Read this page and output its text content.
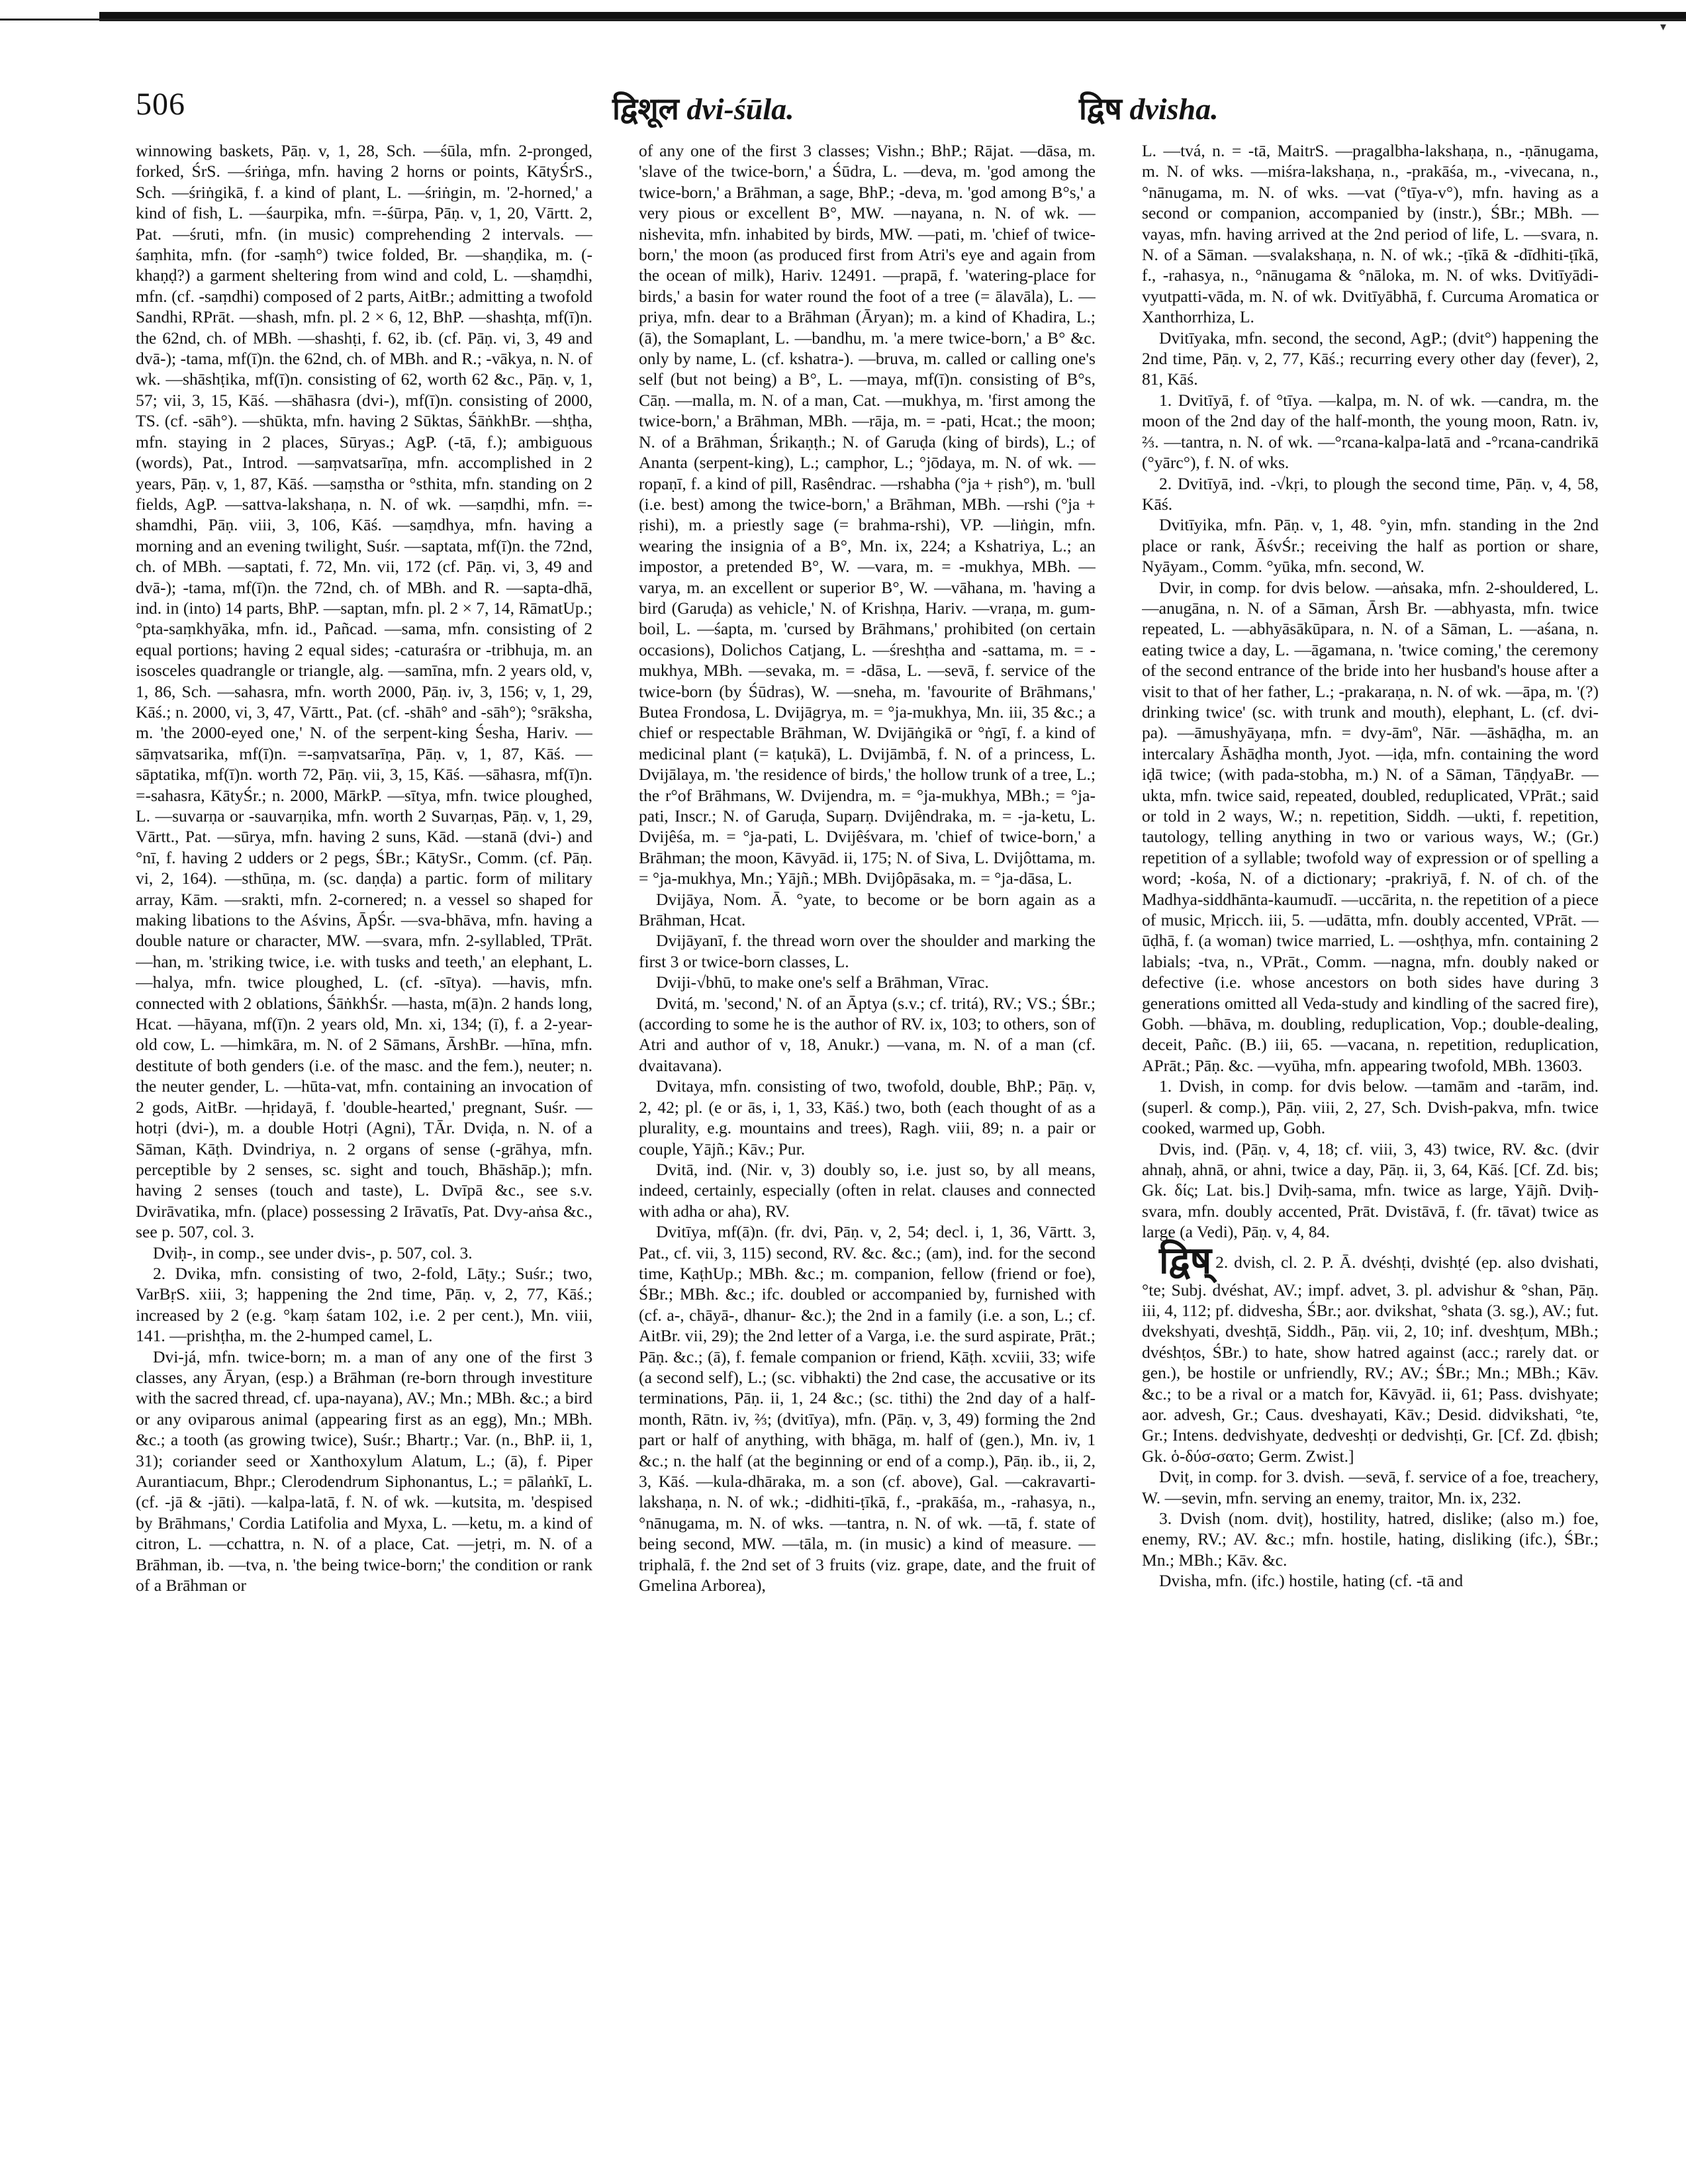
▾
506	द्विशूल dvi-śūla.	द्विष dvisha.

winnowing baskets, Pāṇ. v, 1, 28, Sch. —śūla, mfn. 2-pronged, forked, ŚrS. —śriṅga, mfn. having 2 horns or points, KātyŚrS., Sch. —śriṅgikā, f. a kind of plant, L. —śriṅgin, m. '2-horned,' a kind of fish, L. —śaurpika, mfn. =-śūrpa, Pāṇ. v, 1, 20, Vārtt. 2, Pat. —śruti, mfn. (in music) comprehending 2 intervals. —śaṃhita, mfn. (for -saṃh°) twice folded, Br. —shaṇḍika, m. (-khaṇḍ?) a garment sheltering from wind and cold, L. —shaṃdhi, mfn. (cf. -saṃdhi) composed of 2 parts, AitBr.; admitting a twofold Sandhi, RPrāt. —shash, mfn. pl. 2 × 6, 12, BhP. —shashṭa, mf(ī)n. the 62nd, ch. of MBh. —shashṭi, f. 62, ib. (cf. Pāṇ. vi, 3, 49 and dvā-); -tama, mf(ī)n. the 62nd, ch. of MBh. and R.; -vākya, n. N. of wk. —shāshṭika, mf(ī)n. consisting of 62, worth 62 &c., Pāṇ. v, 1, 57; vii, 3, 15, Kāś. —shāhasra (dvi-), mf(ī)n. consisting of 2000, TS. (cf. -sāh°). —shūkta, mfn. having 2 Sūktas, ŚāṅkhBr. —shṭha, mfn. staying in 2 places, Sūryas.; AgP. (-tā, f.); ambiguous (words), Pat., Introd. —saṃvatsarīṇa, mfn. accomplished in 2 years, Pāṇ. v, 1, 87, Kāś. —saṃstha or °sthita, mfn. standing on 2 fields, AgP. —sattva-lakshaṇa, n. N. of wk. —saṃdhi, mfn. =-shamdhi, Pāṇ. viii, 3, 106, Kāś. —saṃdhya, mfn. having a morning and an evening twilight, Suśr. —saptata, mf(ī)n. the 72nd, ch. of MBh. —saptati, f. 72, Mn. vii, 172 (cf. Pāṇ. vi, 3, 49 and dvā-); -tama, mf(ī)n. the 72nd, ch. of MBh. and R. —sapta-dhā, ind. in (into) 14 parts, BhP. —saptan, mfn. pl. 2 × 7, 14, RāmatUp.; °pta-saṃkhyāka, mfn. id., Pañcad. —sama, mfn. consisting of 2 equal portions; having 2 equal sides; -caturaśra or -tribhuja, m. an isosceles quadrangle or triangle, alg. —samīna, mfn. 2 years old, v, 1, 86, Sch. —sahasra, mfn. worth 2000, Pāṇ. iv, 3, 156; v, 1, 29, Kāś.; n. 2000, vi, 3, 47, Vārtt., Pat. (cf. -shāh° and -sāh°); °srāksha, m. 'the 2000-eyed one,' N. of the serpent-king Śesha, Hariv. —sāṃvatsarika, mf(ī)n. =-saṃvatsarīṇa, Pāṇ. v, 1, 87, Kāś. —sāptatika, mf(ī)n. worth 72, Pāṇ. vii, 3, 15, Kāś. —sāhasra, mf(ī)n. =-sahasra, KātyŚr.; n. 2000, MārkP. —sītya, mfn. twice ploughed, L. —suvarṇa or -sauvarṇika, mfn. worth 2 Suvarṇas, Pāṇ. v, 1, 29, Vārtt., Pat. —sūrya, mfn. having 2 suns, Kād. —stanā (dvi-) and °nī, f. having 2 udders or 2 pegs, ŚBr.; KātySr., Comm. (cf. Pāṇ. vi, 2, 164). —sthūṇa, m. (sc. daṇḍa) a partic. form of military array, Kām. —srakti, mfn. 2-cornered; n. a vessel so shaped for making libations to the Aśvins, ĀpŚr. —sva-bhāva, mfn. having a double nature or character, MW. —svara, mfn. 2-syllabled, TPrāt. —han, m. 'striking twice, i.e. with tusks and teeth,' an elephant, L. —halya, mfn. twice ploughed, L. (cf. -sītya). —havis, mfn. connected with 2 oblations, ŚāṅkhŚr. —hasta, m(ā)n. 2 hands long, Hcat. —hāyana, mf(ī)n. 2 years old, Mn. xi, 134; (ī), f. a 2-year-old cow, L. —himkāra, m. N. of 2 Sāmans, ĀrshBr. —hīna, mfn. destitute of both genders (i.e. of the masc. and the fem.), neuter; n. the neuter gender, L. —hūta-vat, mfn. containing an invocation of 2 gods, AitBr. —hṛidayā, f. 'double-hearted,' pregnant, Suśr. —hotṛi (dvi-), m. a double Hotṛi (Agni), TĀr. Dviḍa, n. N. of a Sāman, Kāṭh. Dvindriya, n. 2 organs of sense (-grāhya, mfn. perceptible by 2 senses, sc. sight and touch, Bhāshāp.); mfn. having 2 senses (touch and taste), L. Dvīpā &c., see s.v. Dvirāvatika, mfn. (place) possessing 2 Irāvatīs, Pat. Dvy-aṅsa &c., see p. 507, col. 3.

Dviḥ-, in comp., see under dvis-, p. 507, col. 3.

2. Dvika, mfn. consisting of two, 2-fold, Lāṭy.; Suśr.; two, VarBṛS. xiii, 3; happening the 2nd time, Pāṇ. v, 2, 77, Kāś.; increased by 2 (e.g. °kaṃ śatam 102, i.e. 2 per cent.), Mn. viii, 141. —prishṭha, m. the 2-humped camel, L.

Dvi-já, mfn. twice-born; m. a man of any one of the first 3 classes, any Āryan, (esp.) a Brāhman (re-born through investiture with the sacred thread, cf. upa-nayana), AV.; Mn.; MBh. &c.; a bird or any oviparous animal (appearing first as an egg), Mn.; MBh. &c.; a tooth (as growing twice), Suśr.; Bhartṛ.; Var. (n., BhP. ii, 1, 31); coriander seed or Xanthoxylum Alatum, L.; (ā), f. Piper Aurantiacum, Bhpr.; Clerodendrum Siphonantus, L.; = pālaṅkī, L. (cf. -jā & -jāti). —kalpa-latā, f. N. of wk. —kutsita, m. 'despised by Brāhmans,' Cordia Latifolia and Myxa, L. —ketu, m. a kind of citron, L. —cchattra, n. N. of a place, Cat. —jetṛi, m. N. of a Brāhman, ib. —tva, n. 'the being twice-born;' the condition or rank of a Brāhman or

of any one of the first 3 classes; Vishn.; BhP.; Rājat. —dāsa, m. 'slave of the twice-born,' a Śūdra, L. —deva, m. 'god among the twice-born,' a Brāhman, a sage, BhP.; -deva, m. 'god among B°s,' a very pious or excellent B°, MW. —nayana, n. N. of wk. —nishevita, mfn. inhabited by birds, MW. —pati, m. 'chief of twice-born,' the moon (as produced first from Atri's eye and again from the ocean of milk), Hariv. 12491. —prapā, f. 'watering-place for birds,' a basin for water round the foot of a tree (= ālavāla), L. —priya, mfn. dear to a Brāhman (Āryan); m. a kind of Khadira, L.; (ā), the Somaplant, L. —bandhu, m. 'a mere twice-born,' a B° &c. only by name, L. (cf. kshatra-). —bruva, m. called or calling one's self (but not being) a B°, L. —maya, mf(ī)n. consisting of B°s, Cāṇ. —malla, m. N. of a man, Cat. —mukhya, m. 'first among the twice-born,' a Brāhman, MBh. —rāja, m. = -pati, Hcat.; the moon; N. of a Brāhman, Śrikaṇṭh.; N. of Garuḍa (king of birds), L.; of Ananta (serpent-king), L.; camphor, L.; °jōdaya, m. N. of wk. —ropaṇī, f. a kind of pill, Rasêndrac. —rshabha (°ja + ṛish°), m. 'bull (i.e. best) among the twice-born,' a Brāhman, MBh. —rshi (°ja + ṛishi), m. a priestly sage (= brahma-rshi), VP. —liṅgin, mfn. wearing the insignia of a B°, Mn. ix, 224; a Kshatriya, L.; an impostor, a pretended B°, W. —vara, m. = -mukhya, MBh. —varya, m. an excellent or superior B°, W. —vāhana, m. 'having a bird (Garuḍa) as vehicle,' N. of Krishṇa, Hariv. —vraṇa, m. gum-boil, L. —śapta, m. 'cursed by Brāhmans,' prohibited (on certain occasions), Dolichos Catjang, L. —śreshṭha and -sattama, m. = -mukhya, MBh. —sevaka, m. = -dāsa, L. —sevā, f. service of the twice-born (by Śūdras), W. —sneha, m. 'favourite of Brāhmans,' Butea Frondosa, L. Dvijāgrya, m. = °ja-mukhya, Mn. iii, 35 &c.; a chief or respectable Brāhman, W. Dvijāṅgikā or °ṅgī, f. a kind of medicinal plant (= kaṭukā), L. Dvijāmbā, f. N. of a princess, L. Dvijālaya, m. 'the residence of birds,' the hollow trunk of a tree, L.; the r°of Brāhmans, W. Dvijendra, m. = °ja-mukhya, MBh.; = °ja-pati, Inscr.; N. of Garuḍa, Suparṇ. Dvijêndraka, m. = -ja-ketu, L. Dvijêśa, m. = °ja-pati, L. Dvijêśvara, m. 'chief of twice-born,' a Brāhman; the moon, Kāvyād. ii, 175; N. of Siva, L. Dvijôttama, m. = °ja-mukhya, Mn.; Yājñ.; MBh. Dvijôpāsaka, m. = °ja-dāsa, L.

Dvijāya, Nom. Ā. °yate, to become or be born again as a Brāhman, Hcat.

Dvijāyanī, f. the thread worn over the shoulder and marking the first 3 or twice-born classes, L.

Dviji-√bhū, to make one's self a Brāhman, Vīrac.

Dvitá, m. 'second,' N. of an Āptya (s.v.; cf. tritá), RV.; VS.; ŚBr.; (according to some he is the author of RV. ix, 103; to others, son of Atri and author of v, 18, Anukr.) —vana, m. N. of a man (cf. dvaitavana).

Dvitaya, mfn. consisting of two, twofold, double, BhP.; Pāṇ. v, 2, 42; pl. (e or ās, i, 1, 33, Kāś.) two, both (each thought of as a plurality, e.g. mountains and trees), Ragh. viii, 89; n. a pair or couple, Yājñ.; Kāv.; Pur.

Dvitā, ind. (Nir. v, 3) doubly so, i.e. just so, by all means, indeed, certainly, especially (often in relat. clauses and connected with adha or aha), RV.

Dvitīya, mf(ā)n. (fr. dvi, Pāṇ. v, 2, 54; decl. i, 1, 36, Vārtt. 3, Pat., cf. vii, 3, 115) second, RV. &c. &c.; (am), ind. for the second time, KaṭhUp.; MBh. &c.; m. companion, fellow (friend or foe), ŚBr.; MBh. &c.; ifc. doubled or accompanied by, furnished with (cf. a-, chāyā-, dhanur- &c.); the 2nd in a family (i.e. a son, L.; cf. AitBr. vii, 29); the 2nd letter of a Varga, i.e. the surd aspirate, Prāt.; Pāṇ. &c.; (ā), f. female companion or friend, Kāṭh. xcviii, 33; wife (a second self), L.; (sc. vibhakti) the 2nd case, the accusative or its terminations, Pāṇ. ii, 1, 24 &c.; (sc. tithi) the 2nd day of a half-month, Rātn. iv, ⅔; (dvitīya), mfn. (Pāṇ. v, 3, 49) forming the 2nd part or half of anything, with bhāga, m. half of (gen.), Mn. iv, 1 &c.; n. the half (at the beginning or end of a comp.), Pāṇ. ib., ii, 2, 3, Kāś. —kula-dhāraka, m. a son (cf. above), Gal. —cakravarti-lakshaṇa, n. N. of wk.; -didhiti-ṭīkā, f., -prakāśa, m., -rahasya, n., °nānugama, m. N. of wks. —tantra, n. N. of wk. —tā, f. state of being second, MW. —tāla, m. (in music) a kind of measure. —triphalā, f. the 2nd set of 3 fruits (viz. grape, date, and the fruit of Gmelina Arborea),

L. —tvá, n. = -tā, MaitrS. —pragalbha-lakshaṇa, n., -ṇānugama, m. N. of wks. —miśra-lakshaṇa, n., -prakāśa, m., -vivecana, n., °nānugama, m. N. of wks. —vat (°tīya-v°), mfn. having as a second or companion, accompanied by (instr.), ŚBr.; MBh. —vayas, mfn. having arrived at the 2nd period of life, L. —svara, n. N. of a Sāman. —svalakshaṇa, n. N. of wk.; -ṭīkā & -dīdhiti-ṭīkā, f., -rahasya, n., °nānugama & °nāloka, m. N. of wks. Dvitīyādi-vyutpatti-vāda, m. N. of wk. Dvitīyābhā, f. Curcuma Aromatica or Xanthorrhiza, L.

Dvitīyaka, mfn. second, the second, AgP.; (dvit°) happening the 2nd time, Pāṇ. v, 2, 77, Kāś.; recurring every other day (fever), 2, 81, Kāś.

1. Dvitīyā, f. of °tīya. —kalpa, m. N. of wk. —candra, m. the moon of the 2nd day of the half-month, the young moon, Ratn. iv, ⅔. —tantra, n. N. of wk. —°rcana-kalpa-latā and -°rcana-candrikā (°yārc°), f. N. of wks.

2. Dvitīyā, ind. -√kṛi, to plough the second time, Pāṇ. v, 4, 58, Kāś.

Dvitīyika, mfn. Pāṇ. v, 1, 48. °yin, mfn. standing in the 2nd place or rank, ĀśvŚr.; receiving the half as portion or share, Nyāyam., Comm. °yūka, mfn. second, W.

Dvir, in comp. for dvis below. —aṅsaka, mfn. 2-shouldered, L. —anugāna, n. N. of a Sāman, Ārsh Br. —abhyasta, mfn. twice repeated, L. —abhyāsākūpara, n. N. of a Sāman, L. —aśana, n. eating twice a day, L. —āgamana, n. 'twice coming,' the ceremony of the second entrance of the bride into her husband's house after a visit to that of her father, L.; -prakaraṇa, n. N. of wk. —āpa, m. '(?) drinking twice' (sc. with trunk and mouth), elephant, L. (cf. dvi-pa). —āmushyāyaṇa, mfn. = dvy-āmº, Nār. —āshāḍha, m. an intercalary Āshāḍha month, Jyot. —iḍa, mfn. containing the word iḍā twice; (with pada-stobha, m.) N. of a Sāman, TāṇḍyaBr. —ukta, mfn. twice said, repeated, doubled, reduplicated, VPrāt.; said or told in 2 ways, W.; n. repetition, Siddh. —ukti, f. repetition, tautology, telling anything in two or various ways, W.; (Gr.) repetition of a syllable; twofold way of expression or of spelling a word; -kośa, N. of a dictionary; -prakriyā, f. N. of ch. of the Madhya-siddhānta-kaumudī. —uccārita, n. the repetition of a piece of music, Mṛicch. iii, 5. —udātta, mfn. doubly accented, VPrāt. —ūḍhā, f. (a woman) twice married, L. —oshṭhya, mfn. containing 2 labials; -tva, n., VPrāt., Comm. —nagna, mfn. doubly naked or defective (i.e. whose ancestors on both sides have during 3 generations omitted all Veda-study and kindling of the sacred fire), Gobh. —bhāva, m. doubling, reduplication, Vop.; double-dealing, deceit, Pañc. (B.) iii, 65. —vacana, n. repetition, reduplication, APrāt.; Pāṇ. &c. —vyūha, mfn. appearing twofold, MBh. 13603.

1. Dvish, in comp. for dvis below. —tamām and -tarām, ind. (superl. & comp.), Pāṇ. viii, 2, 27, Sch. Dvish-pakva, mfn. twice cooked, warmed up, Gobh.

Dvis, ind. (Pāṇ. v, 4, 18; cf. viii, 3, 43) twice, RV. &c. (dvir ahnaḥ, ahnā, or ahni, twice a day, Pāṇ. ii, 3, 64, Kāś. [Cf. Zd. bis; Gk. δίς; Lat. bis.] Dviḥ-sama, mfn. twice as large, Yājñ. Dviḥ-svara, mfn. doubly accented, Prāt. Dvistāvā, f. (fr. tāvat) twice as large (a Vedi), Pāṇ. v, 4, 84.

द्विष् 2. dvish, cl. 2. P. Ā. dvéshṭi, dvishṭé (ep. also dvishati, °te; Subj. dvéshat, AV.; impf. advet, 3. pl. advishur & °shan, Pāṇ. iii, 4, 112; pf. didvesha, ŚBr.; aor. dvikshat, °shata (3. sg.), AV.; fut. dvekshyati, dveshṭā, Siddh., Pāṇ. vii, 2, 10; inf. dveshṭum, MBh.; dvéshṭos, ŚBr.) to hate, show hatred against (acc.; rarely dat. or gen.), be hostile or unfriendly, RV.; AV.; ŚBr.; Mn.; MBh.; Kāv. &c.; to be a rival or a match for, Kāvyād. ii, 61; Pass. dvishyate; aor. advesh, Gr.; Caus. dveshayati, Kāv.; Desid. didvikshati, °te, Gr.; Intens. dedvishyate, dedveshṭi or dedvishṭi, Gr. [Cf. Zd. ḍbish; Gk. ὁ-δύσ-σατο; Germ. Zwist.]

Dviṭ, in comp. for 3. dvish. —sevā, f. service of a foe, treachery, W. —sevin, mfn. serving an enemy, traitor, Mn. ix, 232.

3. Dvish (nom. dviṭ), hostility, hatred, dislike; (also m.) foe, enemy, RV.; AV. &c.; mfn. hostile, hating, disliking (ifc.), ŚBr.; Mn.; MBh.; Kāv. &c.

Dvisha, mfn. (ifc.) hostile, hating (cf. -tā and
